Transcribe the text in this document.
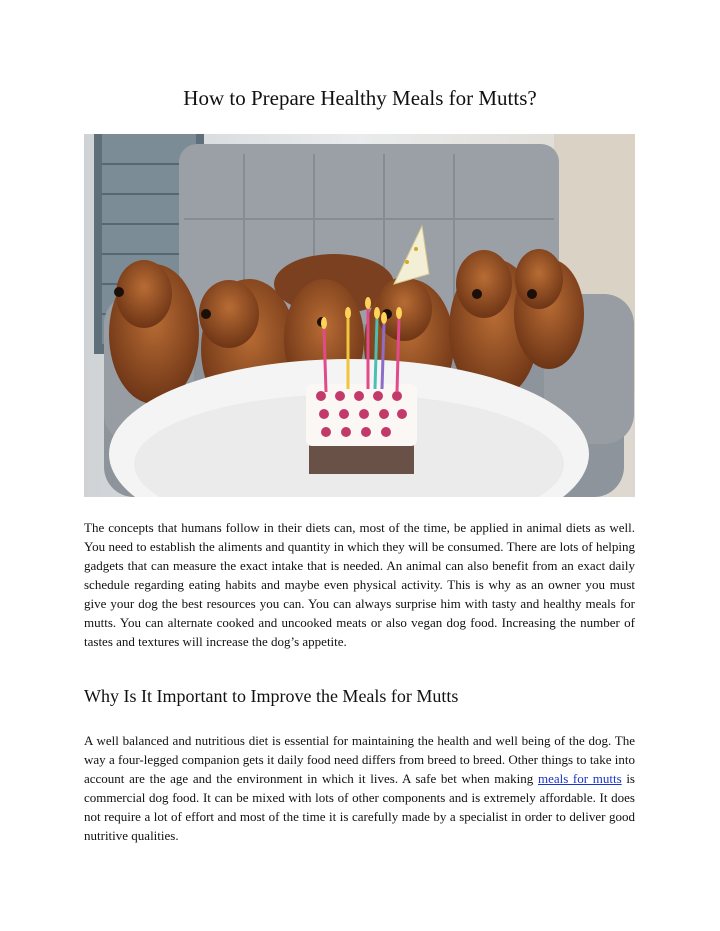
How to Prepare Healthy Meals for Mutts?

The concepts that humans follow in their diets can, most of the time, be applied in animal diets as well. You need to establish the aliments and quantity in which they will be consumed. There are lots of helping gadgets that can measure the exact intake that is needed. An animal can also benefit from an exact daily schedule regarding eating habits and maybe even physical activity. This is why as an owner you must give your dog the best resources you can. You can always surprise him with tasty and healthy meals for mutts. You can alternate cooked and uncooked meats or also vegan dog food. Increasing the number of tastes and textures will increase the dog’s appetite.

Why Is It Important to Improve the Meals for Mutts

A well balanced and nutritious diet is essential for maintaining the health and well being of the dog. The way a four-legged companion gets it daily food need differs from breed to breed. Other things to take into account are the age and the environment in which it lives. A safe bet when making meals for mutts is commercial dog food. It can be mixed with lots of other components and is extremely affordable. It does not require a lot of effort and most of the time it is carefully made by a specialist in order to deliver good nutritive qualities.
